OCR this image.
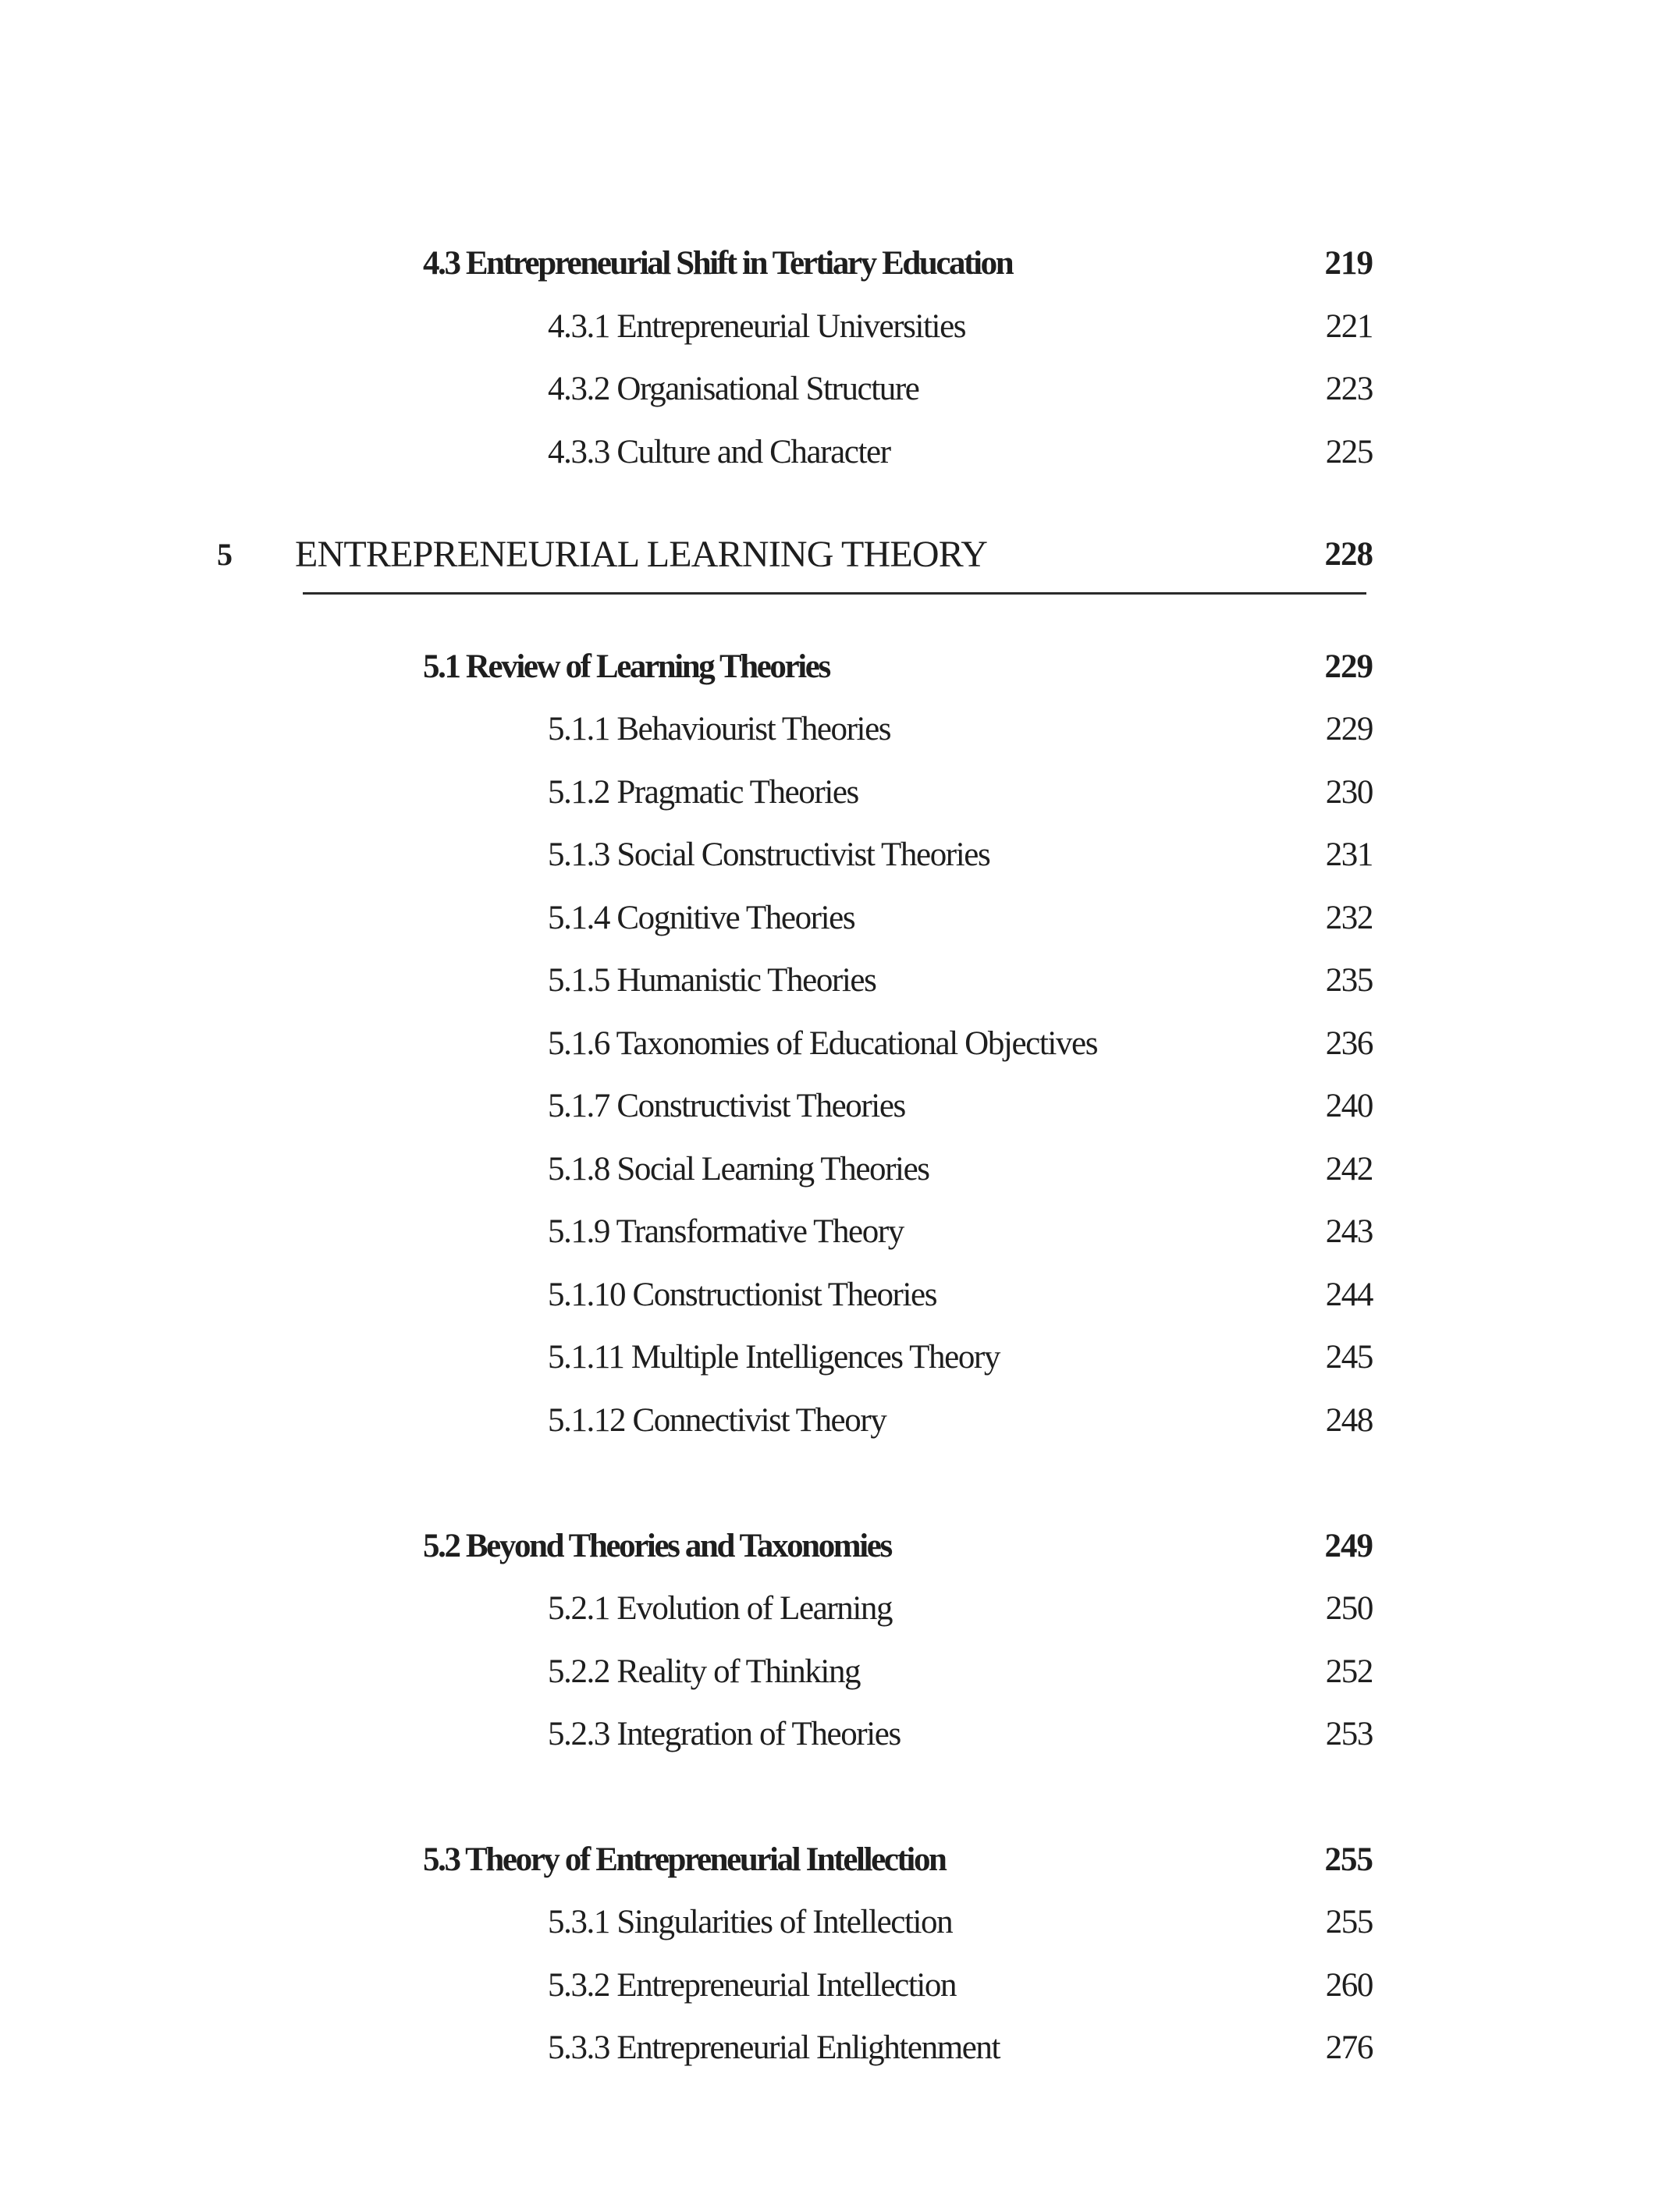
4.3 Entrepreneurial Shift in Tertiary Education	219
4.3.1 Entrepreneurial Universities	221
4.3.2 Organisational Structure	223
4.3.3 Culture and Character	225
5 ENTREPRENEURIAL LEARNING THEORY	228
5.1 Review of Learning Theories	229
5.1.1 Behaviourist Theories	229
5.1.2 Pragmatic Theories	230
5.1.3 Social Constructivist Theories	231
5.1.4 Cognitive Theories	232
5.1.5 Humanistic Theories	235
5.1.6 Taxonomies of Educational Objectives	236
5.1.7 Constructivist Theories	240
5.1.8 Social Learning Theories	242
5.1.9 Transformative Theory	243
5.1.10 Constructionist Theories	244
5.1.11 Multiple Intelligences Theory	245
5.1.12 Connectivist Theory	248
5.2 Beyond Theories and Taxonomies	249
5.2.1 Evolution of Learning	250
5.2.2 Reality of Thinking	252
5.2.3 Integration of Theories	253
5.3 Theory of Entrepreneurial Intellection	255
5.3.1 Singularities of Intellection	255
5.3.2 Entrepreneurial Intellection	260
5.3.3 Entrepreneurial Enlightenment	276
